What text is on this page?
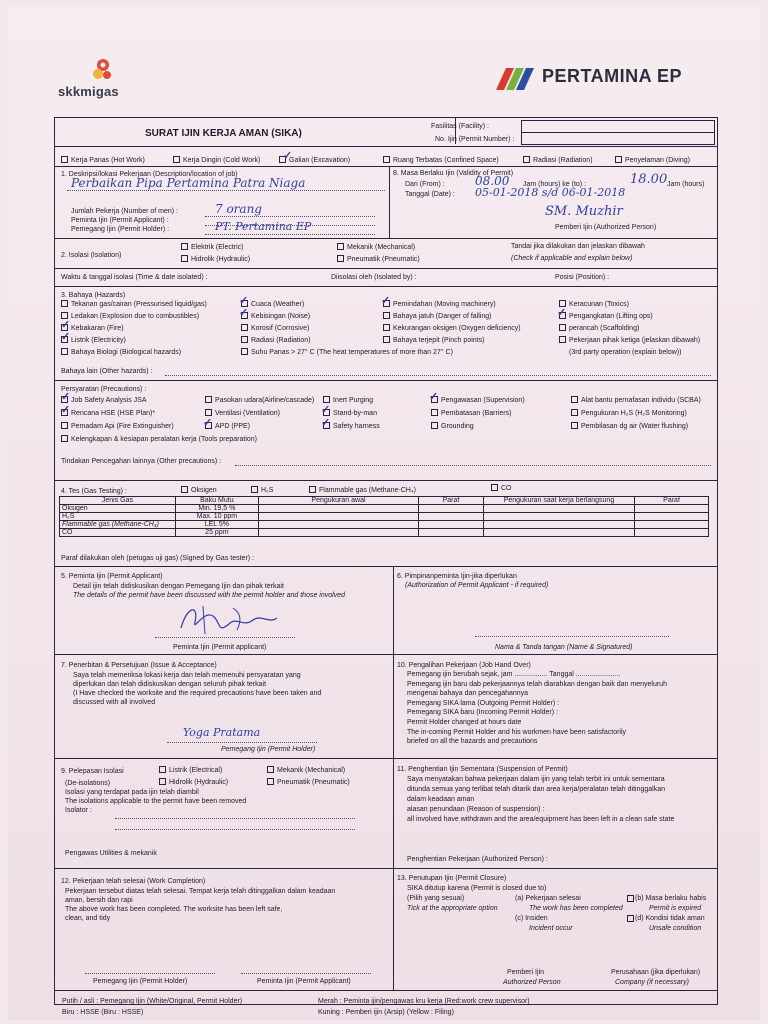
skkmigas
PERTAMINA EP
SURAT IJIN KERJA AMAN (SIKA)
Fasilitas (Facility) :
No. Ijin (Permit Number) :
Kerja Panas (Hot Work)	Kerja Dingin (Cold Work)	Galian (Excavation)	Ruang Terbatas (Confined Space)	Radiasi (Radiation)	Penyelaman (Diving)
✓
1. Deskripsi/lokasi Pekerjaan (Description/location of job)
Perbaikan Pipa Pertamina Patra Niaga
Jumlah Pekerja (Number of men) :	7 orang
Peminta Ijin (Permit Applicant) :
Pemegang Ijin (Permit Holder) :	PT. Pertamina EP
8. Masa Berlaku Ijin (Validity of Permit)
Dari (From) :	08.00 Jam (hours) ke (to) :	18.00 Jam (hours)
Tanggal (Date) : 05-01-2018 s/d 06-01-2018
SM. Muzhir
Pemberi Ijin (Authorized Person)
2. Isolasi (Isolation)
Elektrik (Electric)
Hidrolik (Hydraulic)
Mekanik (Mechanical)
Pneumatik (Pneumatic)
Tandai jika dilakukan dan jelaskan dibawah
(Check if applicable and explain below)
Waktu & tanggal isolasi (Time & date isolated) :	Diisolasi oleh (Isolated by) :	Posisi (Position) :
3. Bahaya (Hazards)
Tekanan gas/cairan (Pressurised liquid/gas)
Ledakan (Explosion due to combustibles)
Kebakaran (Fire)
Listrik (Electricity)
Bahaya Biologi (Biological hazards)
Cuaca (Weather)
Kebisingan (Noise)
Korosif (Corrosive)
Radiasi (Radiation)
Suhu Panas > 27° C (The heat temperatures of more than 27° C)
Pemindahan (Moving machinery)
Bahaya jatuh (Danger of falling)
Kekurangan oksigen (Oxygen deficiency)
Bahaya terjepit (Pinch points)
Keracunan (Toxics)
Pengangkatan (Lifting ops)
perancah (Scaffolding)
Pekerjaan pihak ketiga (jelaskan dibawah)
(3rd party operation (explain below))
✓
✓
✓
✓
✓
✓
Bahaya lain (Other hazards) :
Persyaratan (Precautions) :
Job Safety Analysis JSA
Rencana HSE (HSE Plan)*
Pemadam Api (Fire Extinguisher)
Kelengkapan & kesiapan peralatan kerja (Tools preparation)
Pasokan udara(Airline/cascade)
Ventilasi (Ventilation)
APD (PPE)
Inert Purging
Stand-by-man
Safety harness
Pengawasan (Supervision)
Pembatasan (Barriers)
Grounding
Alat bantu pernafasan individu (SCBA)
Pengukuran H₂S (H₂S Monitoring)
Pembilasan dg air (Water flushing)
✓
✓
✓
✓
✓
✓
Tindakan Pencegahan lainnya (Other precautions) :
4. Tes (Gas Testing) :	Oksigen	H₂S	Flammable gas (Methane-CH₄)	CO
Jenis Gas	Baku Mutu	Pengukuran awal	Paraf	Pengukuran saat kerja berlangsung	Paraf
Oksigen	Min. 19,5 %				
H₂S	Max. 10 ppm				
Flammable gas (Methane-CH₄)	LEL 5%				
CO	25 ppm				
Paraf dilakukan oleh (petugas uji gas) (Signed by Gas tester) :
5. Peminta Ijin (Permit Applicant)
Detail ijin telah didiskusikan dengan Pemegang Ijin dan pihak terkait
The details of the permit have been discussed with the permit holder and those involved
Peminta Ijin (Permit applicant)
6. Pimpinanpeminta Ijin-jika diperlukan
(Authorization of Permit Applicant - if required)
Nama & Tanda tangan (Name & Signatured)
7. Penerbitan & Persetujuan (Issue & Acceptance)
Saya telah memeriksa lokasi kerja dan telah memenuhi persyaratan yang
diperlukan dan telah didiskusikan dengan seluruh pihak terkait
(I Have checked the worksite and the required precautions have been taken and
discussed with all involved
Yoga Pratama
Pemegang Ijin (Permit Holder)
10. Pengalihan Pekerjaan (Job Hand Over)
Pemegang ijin berubah sejak, jam ................. Tanggal .......................
Pemegang ijin baru dab pekerjaannya telah diarahkan dengan baik dan menyeluruh
mengenai bahaya dan pencegahannya
Pemegang SIKA lama (Outgoing Permit Holder) :
Pemegang SIKA baru (Incoming Permit Holder) :
Permit Holder changed at hours date
The in-coming Permit Holder and his workmen have been satisfactorily
briefed on all the hazards and precautions
9. Pelepasan Isolasi	Listrik (Electrical)
Hidrolik (Hydraulic)
Mekanik (Mechanical)
Pneumatik (Pneumatic)
(De-isolations)
Isolasi yang terdapat pada ijin telah diambil
The isolations applicable to the permit have been removed
Isolator :
Pengawas Utilities & mekanik
11. Penghentian Ijin Sementara (Suspension of Permit)
Saya menyatakan bahwa pekerjaan dalam ijin yang telah terbit ini untuk sementara
ditunda semua yang terlibat telah ditarik dan area kerja/peralatan telah ditinggalkan
dalam keadaan aman
alasan penundaan (Reason of suspension) :
all involved have withdrawn and the area/equipment has been left in a clean safe state
Penghentian Pekerjaan (Authorized Person) :
12. Pekerjaan telah selesai (Work Completion)
Pekerjaan tersebut diatas telah selesai. Tempat kerja telah ditinggalkan dalam keadaan
aman, bersih dan rapi
The above work has been completed. The worksite has been left safe,
clean, and tidy
Pemegang Ijin (Permit Holder)	Peminta Ijin (Permit Applicant)
13. Penutupan Ijin (Permit Closure)
SIKA ditutup karena (Permit is closed due to)
(Pilih yang sesuai)
Tick at the appropriate option
(a) Pekerjaan selesai
The work has been completed
(c) Insiden
Incident occur
(b) Masa berlaku habis
Permit is expired
(d) Kondisi tidak aman
Unsafe condition
Pemberi Ijin
Authorized Person
Perusahaan (jika diperlukan)
Company (if necessary)
Putih / asli : Pemegang Ijin (White/Original, Permit Holder)
Biru : HSSE (Biru : HSSE)
Merah : Peminta ijin/pengawas kru kerja (Red:work crew supervisor)
Kuning : Pemberi ijin (Arsip) (Yellow : Filing)
